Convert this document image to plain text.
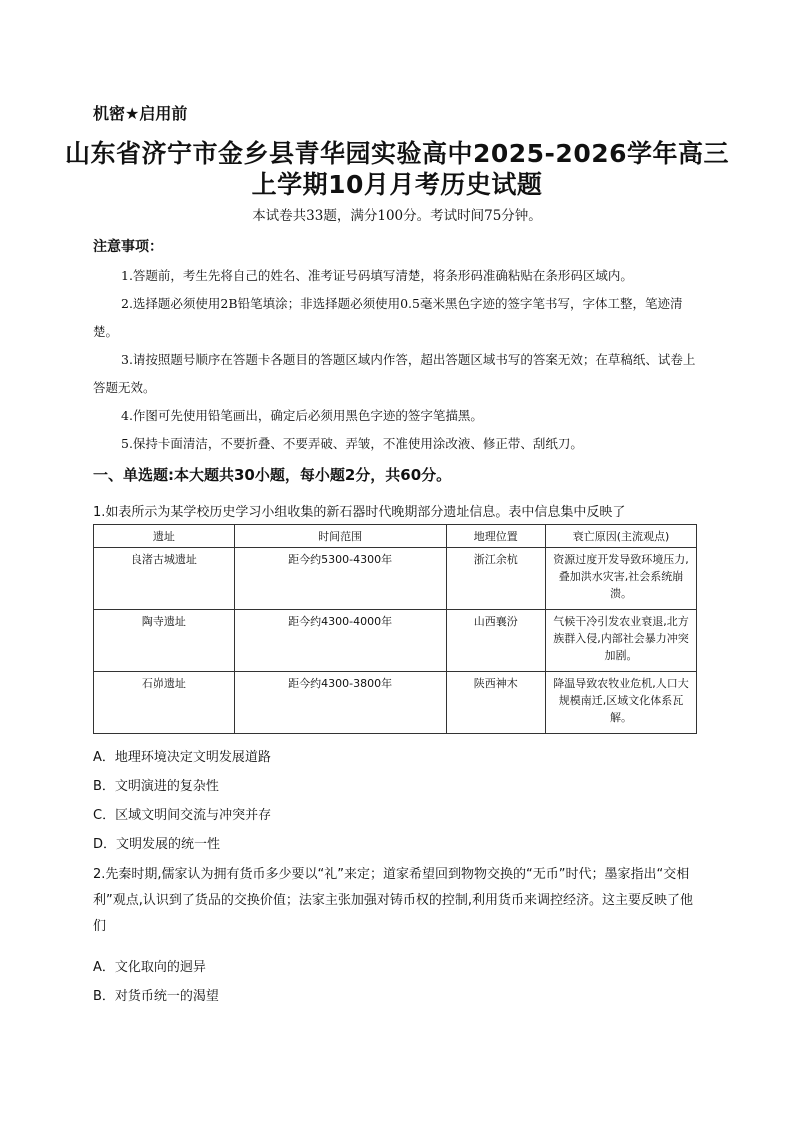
机密★启用前
山东省济宁市金乡县青华园实验高中2025-2026学年高三
上学期10月月考历史试题
本试卷共33题，满分100分。考试时间75分钟。
注意事项：

1.答题前，考生先将自己的姓名、准考证号码填写清楚，将条形码准确粘贴在条形码区域内。

2.选择题必须使用2B铅笔填涂；非选择题必须使用0.5毫米黑色字迹的签字笔书写，字体工整，笔迹清楚。

3.请按照题号顺序在答题卡各题目的答题区域内作答，超出答题区域书写的答案无效；在草稿纸、试卷上答题无效。

4.作图可先使用铅笔画出，确定后必须用黑色字迹的签字笔描黑。

5.保持卡面清洁，不要折叠、不要弄破、弄皱，不准使用涂改液、修正带、刮纸刀。

一、单选题:本大题共30小题，每小题2分，共60分。

1.如表所示为某学校历史学习小组收集的新石器时代晚期部分遗址信息。表中信息集中反映了

遗址	时间范围	地理位置	衰亡原因(主流观点)
良渚古城遗址	距今约5300-4300年	浙江余杭	资源过度开发导致环境压力,叠加洪水灾害,社会系统崩溃。
陶寺遗址	距今约4300-4000年	山西襄汾	气候干冷引发农业衰退,北方族群入侵,内部社会暴力冲突加剧。
石峁遗址	距今约4300-3800年	陕西神木	降温导致农牧业危机,人口大规模南迁,区域文化体系瓦解。
A．地理环境决定文明发展道路
B．文明演进的复杂性
C．区域文明间交流与冲突并存
D．文明发展的统一性

2.先秦时期,儒家认为拥有货币多少要以“礼”来定；道家希望回到物物交换的“无币”时代；墨家指出“交相利”观点,认识到了货品的交换价值；法家主张加强对铸币权的控制,利用货币来调控经济。这主要反映了他们

A．文化取向的迥异
B．对货币统一的渴望
